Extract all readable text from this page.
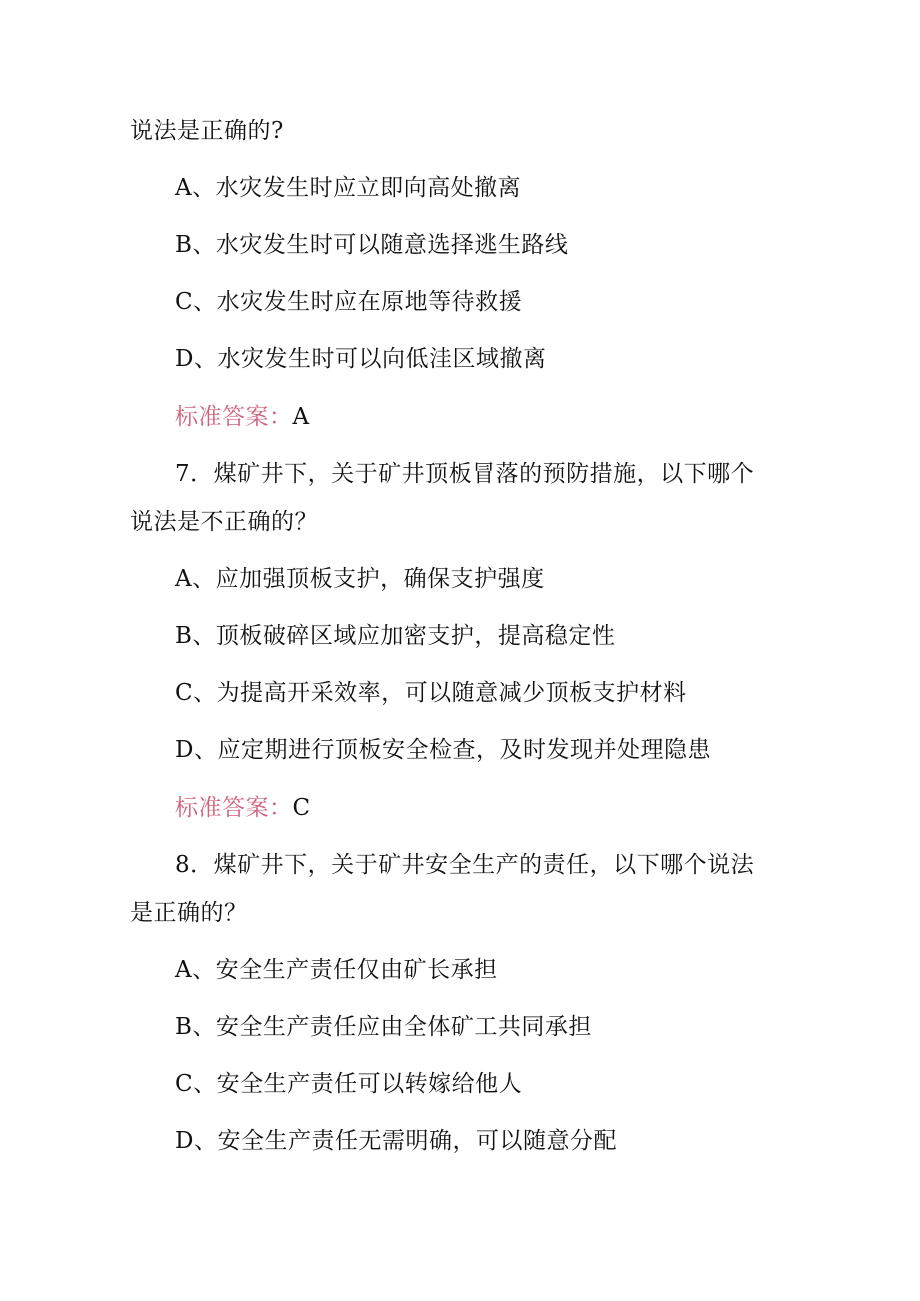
说法是正确的?
A、水灾发生时应立即向高处撤离
B、水灾发生时可以随意选择逃生路线
C、水灾发生时应在原地等待救援
D、水灾发生时可以向低洼区域撤离
标准答案：A
7．煤矿井下，关于矿井顶板冒落的预防措施，以下哪个
说法是不正确的？
A、应加强顶板支护，确保支护强度
B、顶板破碎区域应加密支护，提高稳定性
C、为提高开采效率，可以随意减少顶板支护材料
D、应定期进行顶板安全检查，及时发现并处理隐患
标准答案：C
8．煤矿井下，关于矿井安全生产的责任，以下哪个说法
是正确的？
A、安全生产责任仅由矿长承担
B、安全生产责任应由全体矿工共同承担
C、安全生产责任可以转嫁给他人
D、安全生产责任无需明确，可以随意分配
